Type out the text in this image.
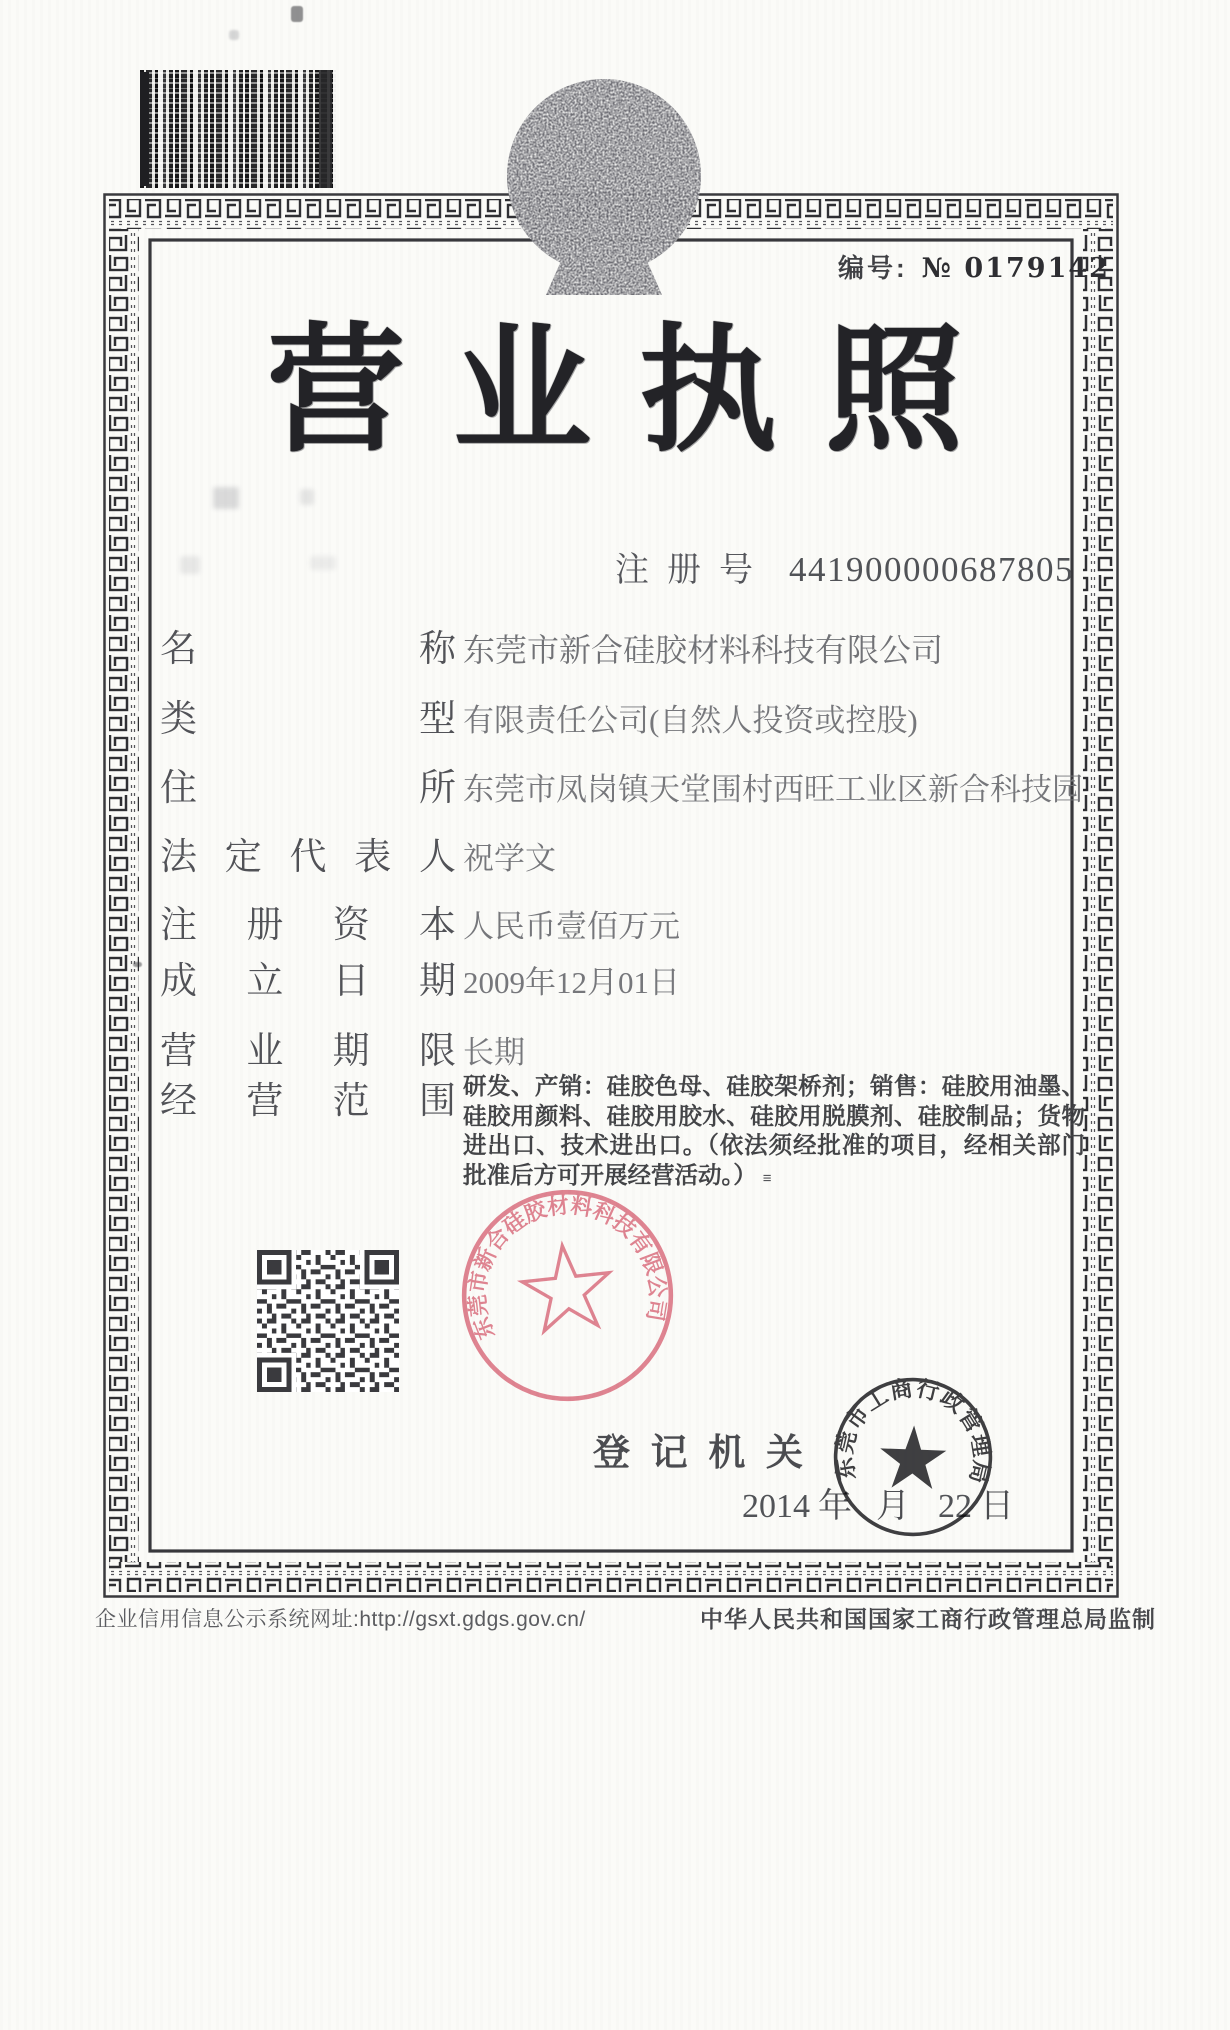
编号: № 0179142
营 业 执 照
注 册 号 441900000687805
名	称 东莞市新合硅胶材料科技有限公司
类	型 有限责任公司(自然人投资或控股)
住	所 东莞市凤岗镇天堂围村西旺工业区新合科技园
法 定 代 表 人 祝学文
注 册 资 本 人民币壹佰万元
成 立 日 期 2009年12月01日
营 业 期 限 长期
经 营 范 围 研发、产销：硅胶色母、硅胶架桥剂；销售：硅胶用油墨、硅胶用颜料、硅胶用胶水、硅胶用脱膜剂、硅胶制品；货物进出口、技术进出口。（依法须经批准的项目，经相关部门批准后方可开展经营活动。） ≡
东莞市新合硅胶材料科技有限公司
登 记 机 关
2014 年 月 22 日
东莞市工商行政管理局
企业信用信息公示系统网址:http://gsxt.gdgs.gov.cn/	中华人民共和国国家工商行政管理总局监制
